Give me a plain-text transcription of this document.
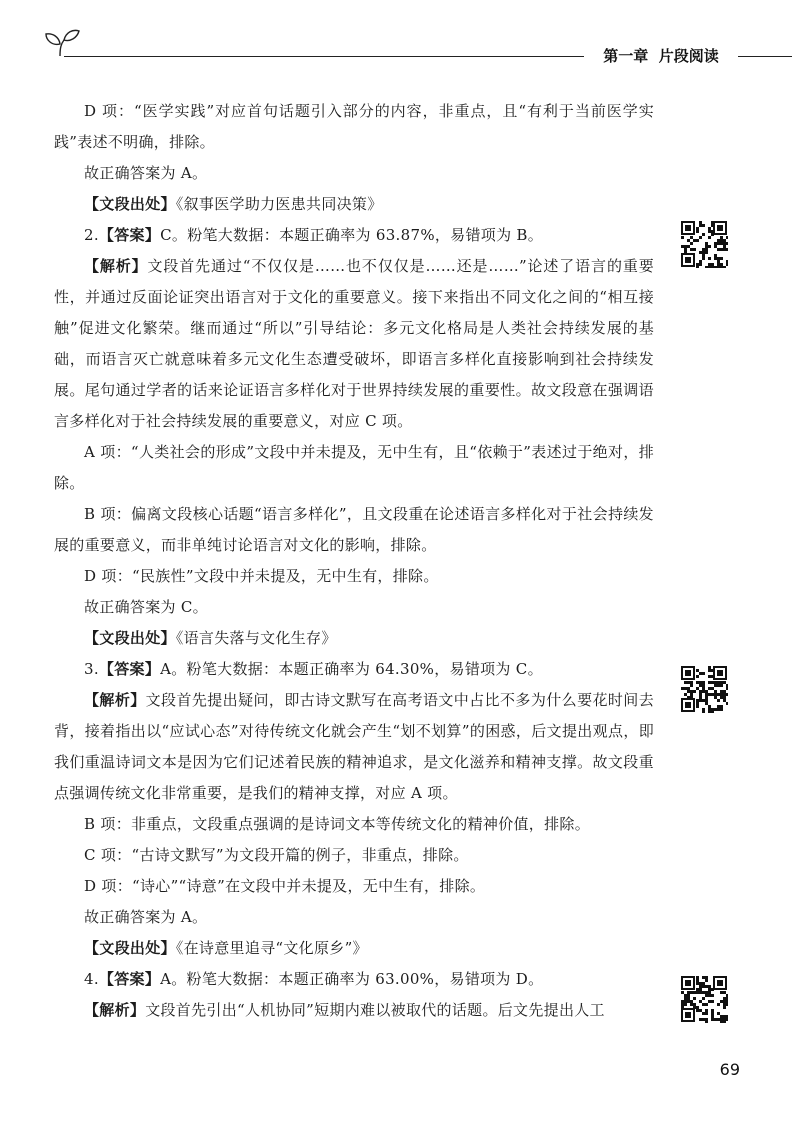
第一章 片段阅读

D 项：“医学实践”对应首句话题引入部分的内容，非重点，且“有利于当前医学实践”表述不明确，排除。

故正确答案为 A。

【文段出处】《叙事医学助力医患共同决策》

2.【答案】C。粉笔大数据：本题正确率为 63.87%，易错项为 B。

【解析】文段首先通过“不仅仅是……也不仅仅是……还是……”论述了语言的重要性，并通过反面论证突出语言对于文化的重要意义。接下来指出不同文化之间的“相互接触”促进文化繁荣。继而通过“所以”引导结论：多元文化格局是人类社会持续发展的基础，而语言灭亡就意味着多元文化生态遭受破坏，即语言多样化直接影响到社会持续发展。尾句通过学者的话来论证语言多样化对于世界持续发展的重要性。故文段意在强调语言多样化对于社会持续发展的重要意义，对应 C 项。

A 项：“人类社会的形成”文段中并未提及，无中生有，且“依赖于”表述过于绝对，排除。

B 项：偏离文段核心话题“语言多样化”，且文段重在论述语言多样化对于社会持续发展的重要意义，而非单纯讨论语言对文化的影响，排除。

D 项：“民族性”文段中并未提及，无中生有，排除。

故正确答案为 C。

【文段出处】《语言失落与文化生存》

3.【答案】A。粉笔大数据：本题正确率为 64.30%，易错项为 C。

【解析】文段首先提出疑问，即古诗文默写在高考语文中占比不多为什么要花时间去背，接着指出以“应试心态”对待传统文化就会产生“划不划算”的困惑，后文提出观点，即我们重温诗词文本是因为它们记述着民族的精神追求，是文化滋养和精神支撑。故文段重点强调传统文化非常重要，是我们的精神支撑，对应 A 项。

B 项：非重点，文段重点强调的是诗词文本等传统文化的精神价值，排除。

C 项：“古诗文默写”为文段开篇的例子，非重点，排除。

D 项：“诗心”“诗意”在文段中并未提及，无中生有，排除。

故正确答案为 A。

【文段出处】《在诗意里追寻“文化原乡”》

4.【答案】A。粉笔大数据：本题正确率为 63.00%，易错项为 D。

【解析】文段首先引出“人机协同”短期内难以被取代的话题。后文先提出人工

69
